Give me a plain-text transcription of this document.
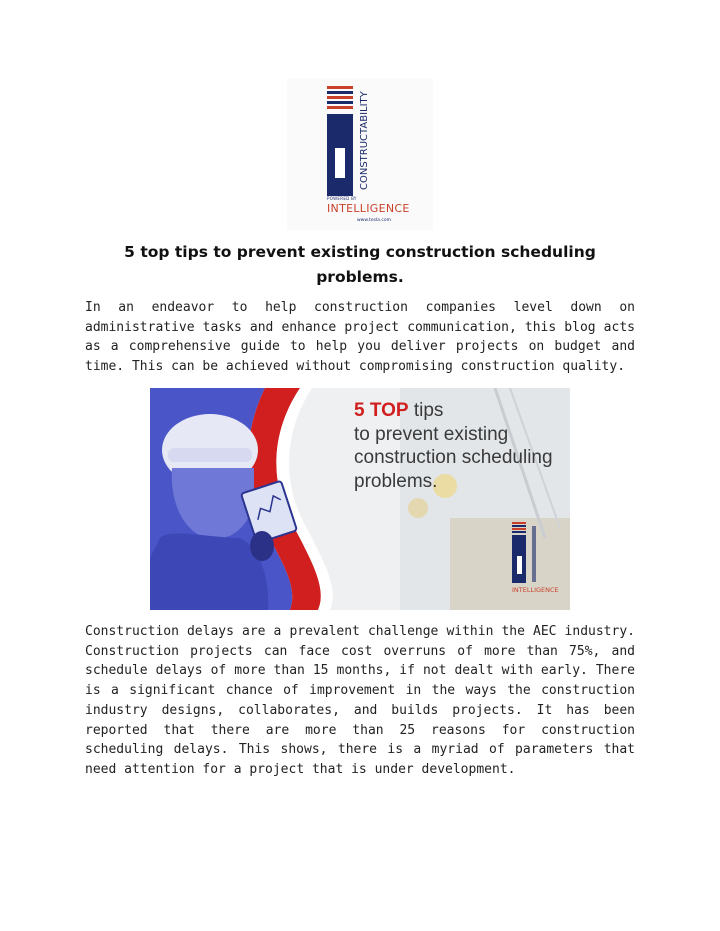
CONSTRUCTABILITY
POWERED BY
INTELLIGENCE
www.tesla.com
5 top tips to prevent existing construction scheduling
problems.

In an endeavor to help construction companies level down on administrative tasks and enhance project communication, this blog acts as a comprehensive guide to help you deliver projects on budget and time. This can be achieved without compromising construction quality.

5 TOP tips
to prevent existing
construction scheduling
problems.
INTELLIGENCE

Construction delays are a prevalent challenge within the AEC industry. Construction projects can face cost overruns of more than 75%, and schedule delays of more than 15 months, if not dealt with early. There is a significant chance of improvement in the ways the construction industry designs, collaborates, and builds projects. It has been reported that there are more than 25 reasons for construction scheduling delays. This shows, there is a myriad of parameters that need attention for a project that is under development.
